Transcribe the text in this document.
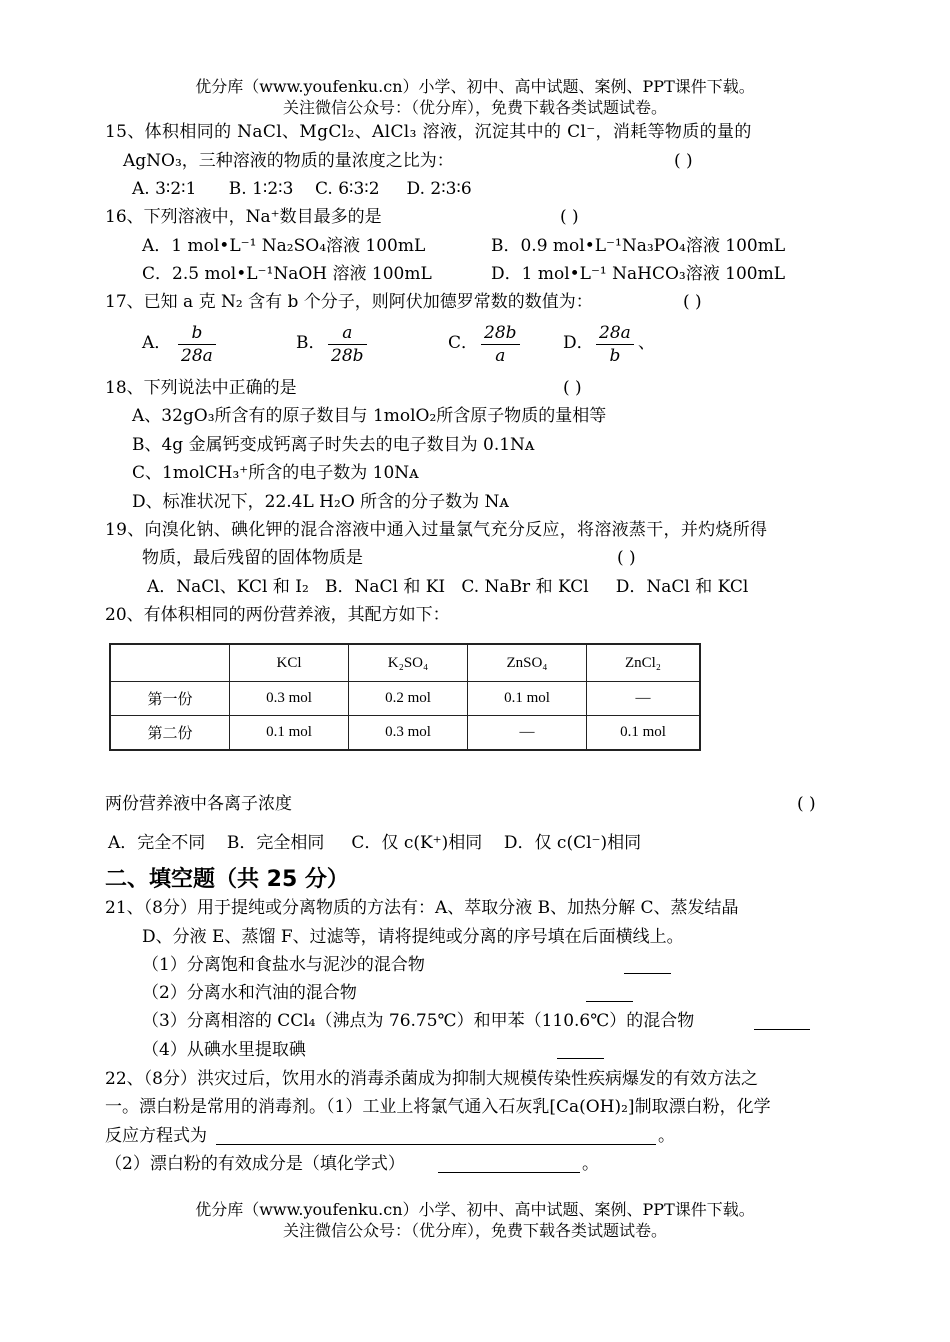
优分库（www.youfenku.cn）小学、初中、高中试题、案例、PPT课件下载。
关注微信公众号：（优分库），免费下载各类试题试卷。
15、体积相同的 NaCl、MgCl₂、AlCl₃ 溶液，沉淀其中的 Cl⁻，消耗等物质的量的
AgNO₃，三种溶液的物质的量浓度之比为：	( )
A. 3∶2∶1      B. 1∶2∶3    C. 6∶3∶2     D. 2∶3∶6
16、下列溶液中，Na⁺数目最多的是	( )
A．1 mol•L⁻¹ Na₂SO₄溶液 100mL	B．0.9 mol•L⁻¹Na₃PO₄溶液 100mL
C．2.5 mol•L⁻¹NaOH 溶液 100mL	D．1 mol•L⁻¹ NaHCO₃溶液 100mL
17、已知 a 克 N₂ 含有 b 个分子，则阿伏加德罗常数的数值为：	( )
A． $\frac{b}{28a}$	B． $\frac{a}{28b}$	C． $\frac{28b}{a}$	D． $\frac{28a}{b}$ 、
18、下列说法中正确的是	( )
A、32gO₃所含有的原子数目与 1molO₂所含原子物质的量相等
B、4g 金属钙变成钙离子时失去的电子数目为 0.1Nᴀ
C、1molCH₃⁺所含的电子数为 10Nᴀ
D、标准状况下，22.4L H₂O 所含的分子数为 Nᴀ
19、向溴化钠、碘化钾的混合溶液中通入过量氯气充分反应，将溶液蒸干，并灼烧所得
物质，最后残留的固体物质是	( )
A．NaCl、KCl 和 I₂   B．NaCl 和 KI   C. NaBr 和 KCl     D．NaCl 和 KCl
20、有体积相同的两份营养液，其配方如下：
	KCl	K₂SO₄	ZnSO₄	ZnCl₂
第一份	0.3 mol	0.2 mol	0.1 mol	—
第二份	0.1 mol	0.3 mol	—	0.1 mol
两份营养液中各离子浓度	( )
A．完全不同    B．完全相同     C．仅 c(K⁺)相同    D．仅 c(Cl⁻)相同
二、填空题（共 25 分）
21、（8分）用于提纯或分离物质的方法有：A、萃取分液 B、加热分解 C、蒸发结晶
D、分液 E、蒸馏 F、过滤等，请将提纯或分离的序号填在后面横线上。
（1）分离饱和食盐水与泥沙的混合物
（2）分离水和汽油的混合物
（3）分离相溶的 CCl₄（沸点为 76.75℃）和甲苯（110.6℃）的混合物
（4）从碘水里提取碘
22、（8分）洪灾过后，饮用水的消毒杀菌成为抑制大规模传染性疾病爆发的有效方法之
一。漂白粉是常用的消毒剂。（1）工业上将氯气通入石灰乳[Ca(OH)₂]制取漂白粉，化学
反应方程式为	。
（2）漂白粉的有效成分是（填化学式）	。
优分库（www.youfenku.cn）小学、初中、高中试题、案例、PPT课件下载。
关注微信公众号：（优分库），免费下载各类试题试卷。
